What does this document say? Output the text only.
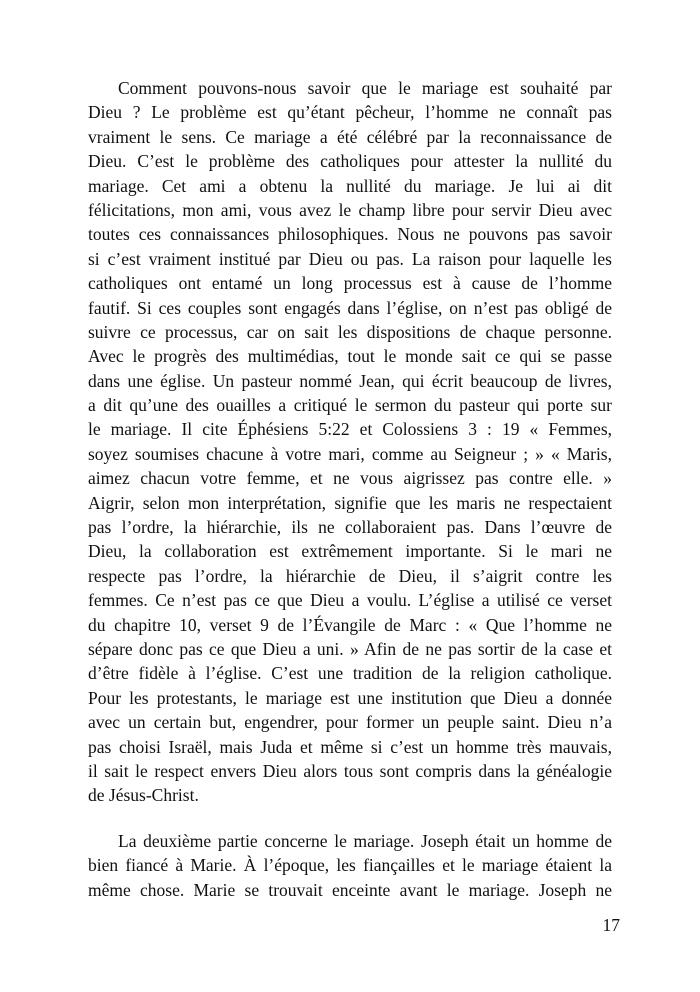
Comment pouvons-nous savoir que le mariage est souhaité par
Dieu ? Le problème est qu’étant pêcheur, l’homme ne connaît pas
vraiment le sens. Ce mariage a été célébré par la reconnaissance de
Dieu. C’est le problème des catholiques pour attester la nullité du
mariage. Cet ami a obtenu la nullité du mariage. Je lui ai dit
félicitations, mon ami, vous avez le champ libre pour servir Dieu avec
toutes ces connaissances philosophiques. Nous ne pouvons pas savoir
si c’est vraiment institué par Dieu ou pas. La raison pour laquelle les
catholiques ont entamé un long processus est à cause de l’homme
fautif. Si ces couples sont engagés dans l’église, on n’est pas obligé de
suivre ce processus, car on sait les dispositions de chaque personne.
Avec le progrès des multimédias, tout le monde sait ce qui se passe
dans une église. Un pasteur nommé Jean, qui écrit beaucoup de livres,
a dit qu’une des ouailles a critiqué le sermon du pasteur qui porte sur
le mariage. Il cite Éphésiens 5:22 et Colossiens 3 : 19 « Femmes,
soyez soumises chacune à votre mari, comme au Seigneur ; » « Maris,
aimez chacun votre femme, et ne vous aigrissez pas contre elle. »
Aigrir, selon mon interprétation, signifie que les maris ne respectaient
pas l’ordre, la hiérarchie, ils ne collaboraient pas. Dans l’œuvre de
Dieu, la collaboration est extrêmement importante. Si le mari ne
respecte pas l’ordre, la hiérarchie de Dieu, il s’aigrit contre les
femmes. Ce n’est pas ce que Dieu a voulu. L’église a utilisé ce verset
du chapitre 10, verset 9 de l’Évangile de Marc : « Que l’homme ne
sépare donc pas ce que Dieu a uni. » Afin de ne pas sortir de la case et
d’être fidèle à l’église. C’est une tradition de la religion catholique.
Pour les protestants, le mariage est une institution que Dieu a donnée
avec un certain but, engendrer, pour former un peuple saint. Dieu n’a
pas choisi Israël, mais Juda et même si c’est un homme très mauvais,
il sait le respect envers Dieu alors tous sont compris dans la généalogie
de Jésus-Christ.
La deuxième partie concerne le mariage. Joseph était un homme de
bien fiancé à Marie. À l’époque, les fiançailles et le mariage étaient la
même chose. Marie se trouvait enceinte avant le mariage. Joseph ne
17
